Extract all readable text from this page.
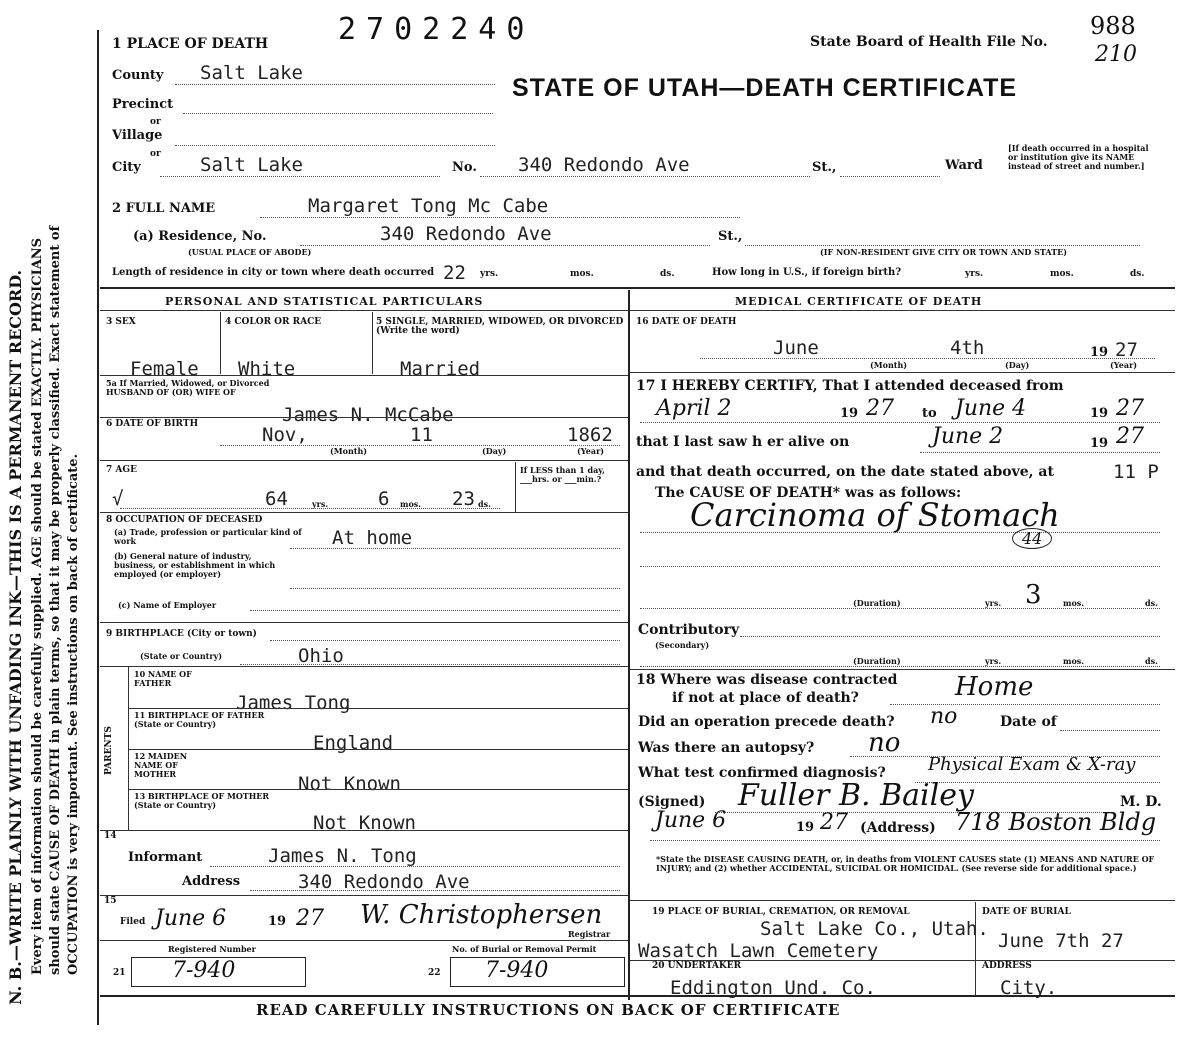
N. B.—WRITE PLAINLY WITH UNFADING INK—THIS IS A PERMANENT RECORD. Every item of information should be carefully supplied. AGE should be stated EXACTLY. PHYSICIANS should state CAUSE OF DEATH in plain terms, so that it may be properly classified. Exact statement of OCCUPATION is very important. See instructions on back of certificate.
2702240
1 PLACE OF DEATH	State Board of Health File No.
988
210
STATE OF UTAH—DEATH CERTIFICATE
County Salt Lake
Precinct
or
Village
or
City	Salt Lake	No. 340 Redondo Ave	St.,	Ward
[If death occurred in a hospital or institution give its NAME instead of street and number.]
2 FULL NAME	Margaret Tong Mc Cabe
(a) Residence, No.
(USUAL PLACE OF ABODE)
340 Redondo Ave	St.,
(IF NON-RESIDENT GIVE CITY OR TOWN AND STATE)
Length of residence in city or town where death occurred 22 yrs.	mos.	ds.	How long in U.S., if foreign birth?	yrs.	mos.	ds.
PERSONAL AND STATISTICAL PARTICULARS
3 SEX	4 COLOR OR RACE	5 SINGLE, MARRIED, WIDOWED, OR DIVORCED (Write the word)
Female White	Married
5a If Married, Widowed, or Divorced HUSBAND OF (OR) WIFE OF
James N. McCabe
6 DATE OF BIRTH	Nov,	11	1862
(Month)	(Day)	(Year)
7 AGE
√	64	yrs.	6 mos. 23 ds.
If LESS than 1 day, ___hrs. or ___min.?
8 OCCUPATION OF DECEASED
(a) Trade, profession or particular kind of work
(b) General nature of industry, business, or establishment in which employed (or employer)
At home
(c) Name of Employer
9 BIRTHPLACE (City or town)
(State or Country)	Ohio
PARENTS
10 NAME OF FATHER
James Tong
11 BIRTHPLACE OF FATHER (State or Country)
England
12 MAIDEN NAME OF MOTHER	Not Known
13 BIRTHPLACE OF MOTHER (State or Country)
Not Known
14
Informant	James N. Tong
Address	340 Redondo Ave
15
Filed June 6	19 27 W. Christophersen
Registrar
Registered Number
21 7-940
No. of Burial or Removal Permit
22 7-940
MEDICAL CERTIFICATE OF DEATH
16 DATE OF DEATH
June	4th	19 27
(Month)	(Day)	(Year)
17 I HEREBY CERTIFY, That I attended deceased from
April 2	19 27 to June 4	19 27
that I last saw h er alive on	June 2	19 27
and that death occurred, on the date stated above, at	11 P
The CAUSE OF DEATH* was as follows:
Carcinoma of Stomach
44
(Duration)	yrs. 3	mos.	ds.
Contributory
(Secondary)
(Duration)	yrs.	mos.	ds.
18 Where was disease contracted
if not at place of death?	Home
Did an operation precede death? no	Date of
Was there an autopsy? no
What test confirmed diagnosis? Physical Exam & X-ray
(Signed) Fuller B. Bailey	M. D.
June 6	19 27 (Address) 718 Boston Bldg
*State the DISEASE CAUSING DEATH, or, in deaths from VIOLENT CAUSES state (1) MEANS AND NATURE OF INJURY; and (2) whether ACCIDENTAL, SUICIDAL OR HOMICIDAL. (See reverse side for additional space.)
19 PLACE OF BURIAL, CREMATION, OR REMOVAL
Salt Lake Co., Utah.
Wasatch Lawn Cemetery
DATE OF BURIAL
June 7th 27
20 UNDERTAKER
Eddington Und. Co.
ADDRESS
City.
READ CAREFULLY INSTRUCTIONS ON BACK OF CERTIFICATE
